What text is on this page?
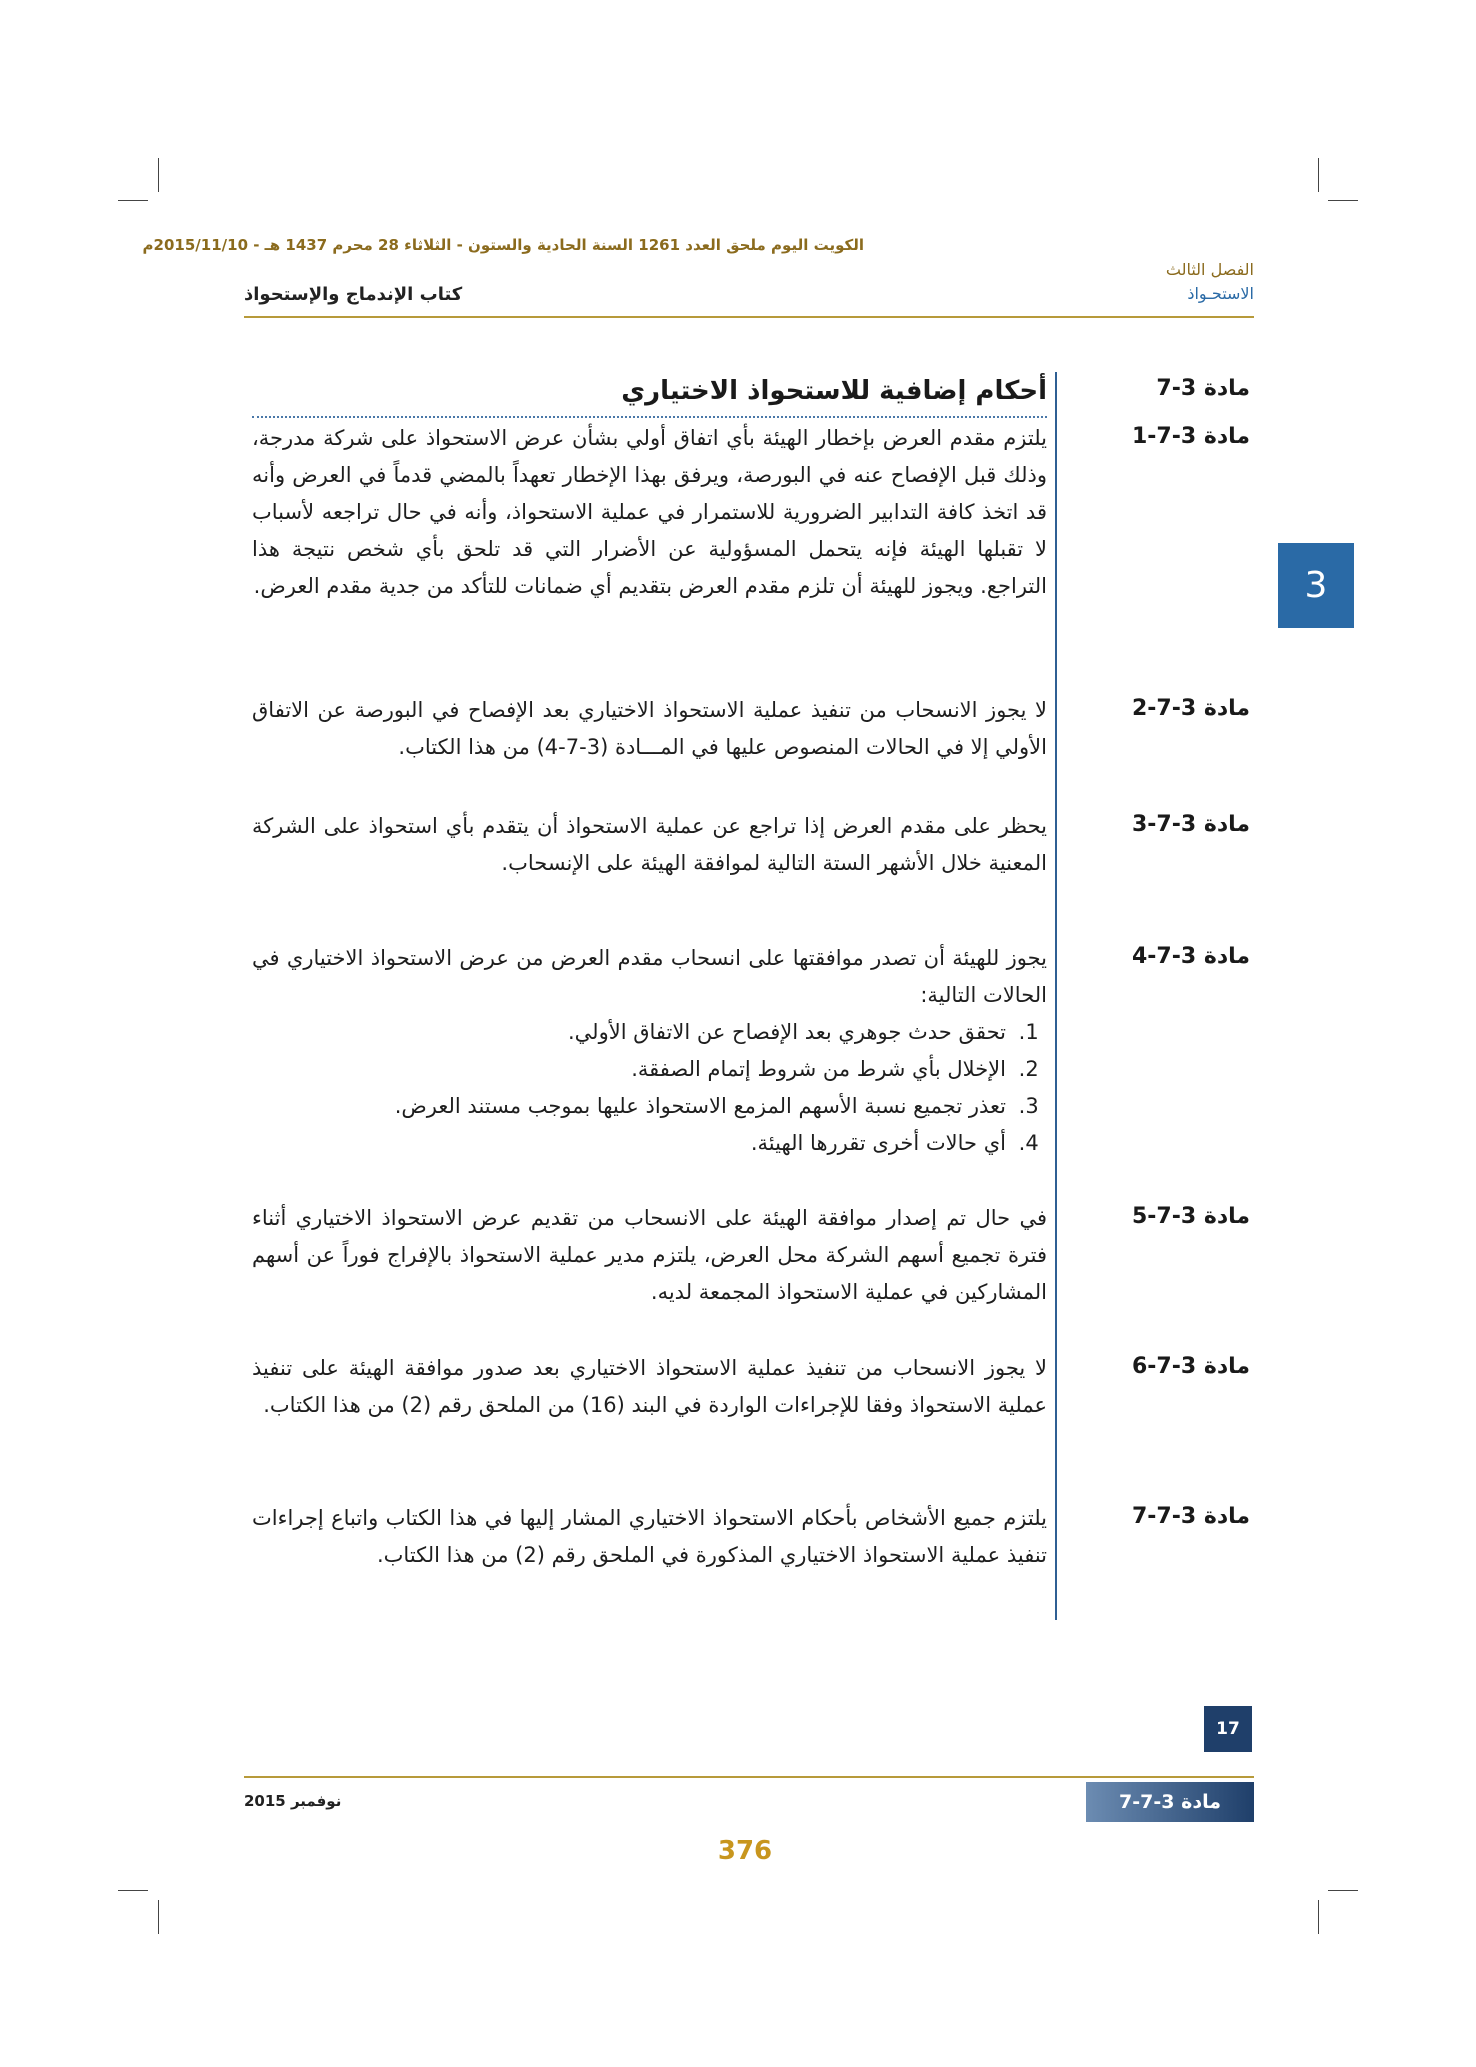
الكويت اليوم ملحق العدد 1261 السنة الحادية والستون - الثلاثاء 28 محرم 1437 هـ - 2015/11/10م
الفصل الثالث
الاستحـواذ
كتاب الإندماج والإستحواذ
مادة 3-7
أحكام إضافية للاستحواذ الاختياري
مادة 3-7-1

يلتزم مقدم العرض بإخطار الهيئة بأي اتفاق أولي بشأن عرض الاستحواذ على شركة مدرجة، وذلك قبل الإفصاح عنه في البورصة، ويرفق بهذا الإخطار تعهداً بالمضي قدماً في العرض وأنه قد اتخذ كافة التدابير الضرورية للاستمرار في عملية الاستحواذ، وأنه في حال تراجعه لأسباب لا تقبلها الهيئة فإنه يتحمل المسؤولية عن الأضرار التي قد تلحق بأي شخص نتيجة هذا التراجع. ويجوز للهيئة أن تلزم مقدم العرض بتقديم أي ضمانات للتأكد من جدية مقدم العرض.

مادة 3-7-2

لا يجوز الانسحاب من تنفيذ عملية الاستحواذ الاختياري بعد الإفصاح في البورصة عن الاتفاق الأولي إلا في الحالات المنصوص عليها في المـــادة (3-7-4) من هذا الكتاب.

مادة 3-7-3

يحظر على مقدم العرض إذا تراجع عن عملية الاستحواذ أن يتقدم بأي استحواذ على الشركة المعنية خلال الأشهر الستة التالية لموافقة الهيئة على الإنسحاب.

مادة 3-7-4

يجوز للهيئة أن تصدر موافقتها على انسحاب مقدم العرض من عرض الاستحواذ الاختياري في الحالات التالية:

1. تحقق حدث جوهري بعد الإفصاح عن الاتفاق الأولي.
2. الإخلال بأي شرط من شروط إتمام الصفقة.
3. تعذر تجميع نسبة الأسهم المزمع الاستحواذ عليها بموجب مستند العرض.
4. أي حالات أخرى تقررها الهيئة.
مادة 3-7-5

في حال تم إصدار موافقة الهيئة على الانسحاب من تقديم عرض الاستحواذ الاختياري أثناء فترة تجميع أسهم الشركة محل العرض، يلتزم مدير عملية الاستحواذ بالإفراج فوراً عن أسهم المشاركين في عملية الاستحواذ المجمعة لديه.

مادة 3-7-6

لا يجوز الانسحاب من تنفيذ عملية الاستحواذ الاختياري بعد صدور موافقة الهيئة على تنفيذ عملية الاستحواذ وفقا للإجراءات الواردة في البند (16) من الملحق رقم (2) من هذا الكتاب.

مادة 3-7-7

يلتزم جميع الأشخاص بأحكام الاستحواذ الاختياري المشار إليها في هذا الكتاب واتباع إجراءات تنفيذ عملية الاستحواذ الاختياري المذكورة في الملحق رقم (2) من هذا الكتاب.

3
17
نوفمبر 2015	مادة 3-7-7
376
